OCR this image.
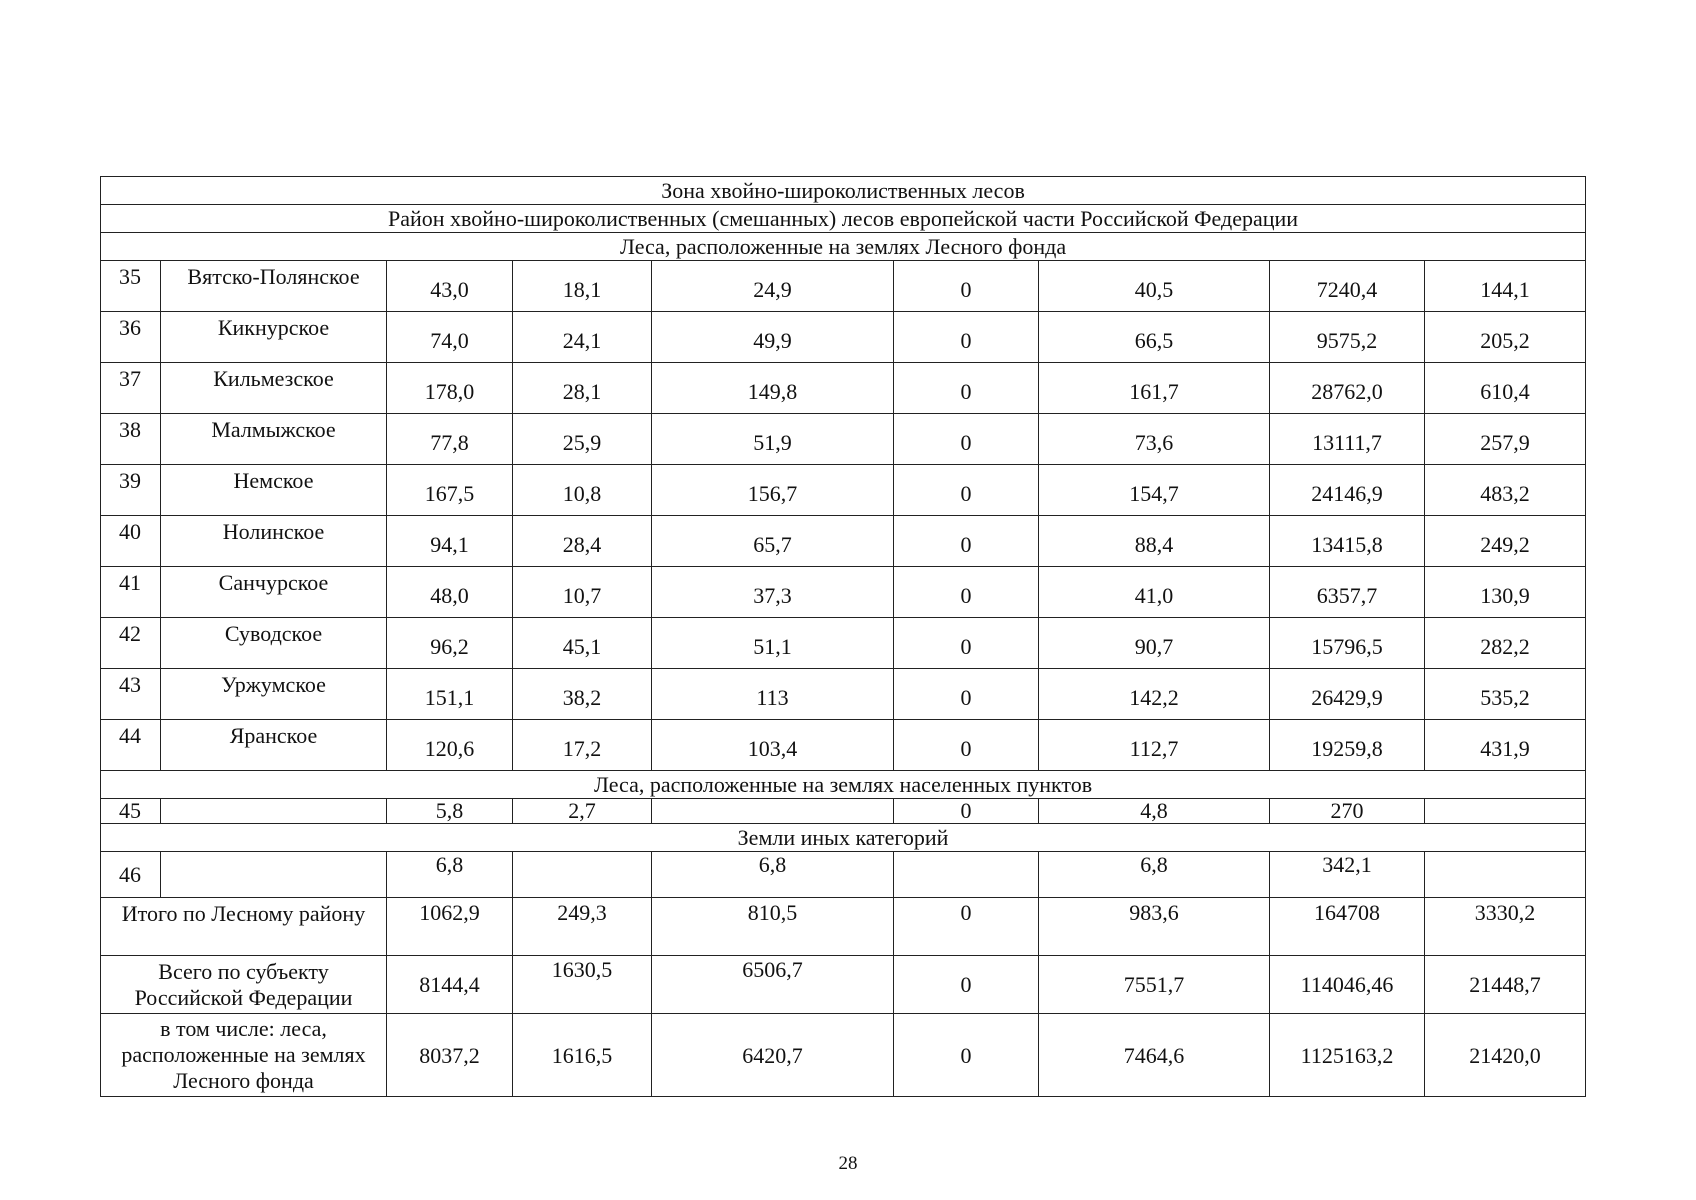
Зона хвойно-широколиственных лесов								
Район хвойно-широколиственных (смешанных) лесов европейской части Российской Федерации								
Леса, расположенные на землях Лесного фонда								
35	Вятско-Полянское	43,0	18,1	24,9	0	40,5	7240,4	144,1
36	Кикнурское	74,0	24,1	49,9	0	66,5	9575,2	205,2
37	Кильмезское	178,0	28,1	149,8	0	161,7	28762,0	610,4
38	Малмыжское	77,8	25,9	51,9	0	73,6	13111,7	257,9
39	Немское	167,5	10,8	156,7	0	154,7	24146,9	483,2
40	Нолинское	94,1	28,4	65,7	0	88,4	13415,8	249,2
41	Санчурское	48,0	10,7	37,3	0	41,0	6357,7	130,9
42	Суводское	96,2	45,1	51,1	0	90,7	15796,5	282,2
43	Уржумское	151,1	38,2	113	0	142,2	26429,9	535,2
44	Яранское	120,6	17,2	103,4	0	112,7	19259,8	431,9
Леса, расположенные на землях населенных пунктов								
45		5,8	2,7		0	4,8	270	
Земли иных категорий								
46		6,8		6,8		6,8	342,1	
Итого по Лесному району		1062,9	249,3	810,5	0	983,6	164708	3330,2
Всего по субъекту Российской Федерации		8144,4	1630,5	6506,7	0	7551,7	114046,46	21448,7
в том числе: леса, расположенные на землях Лесного фонда		8037,2	1616,5	6420,7	0	7464,6	1125163,2	21420,0
28
